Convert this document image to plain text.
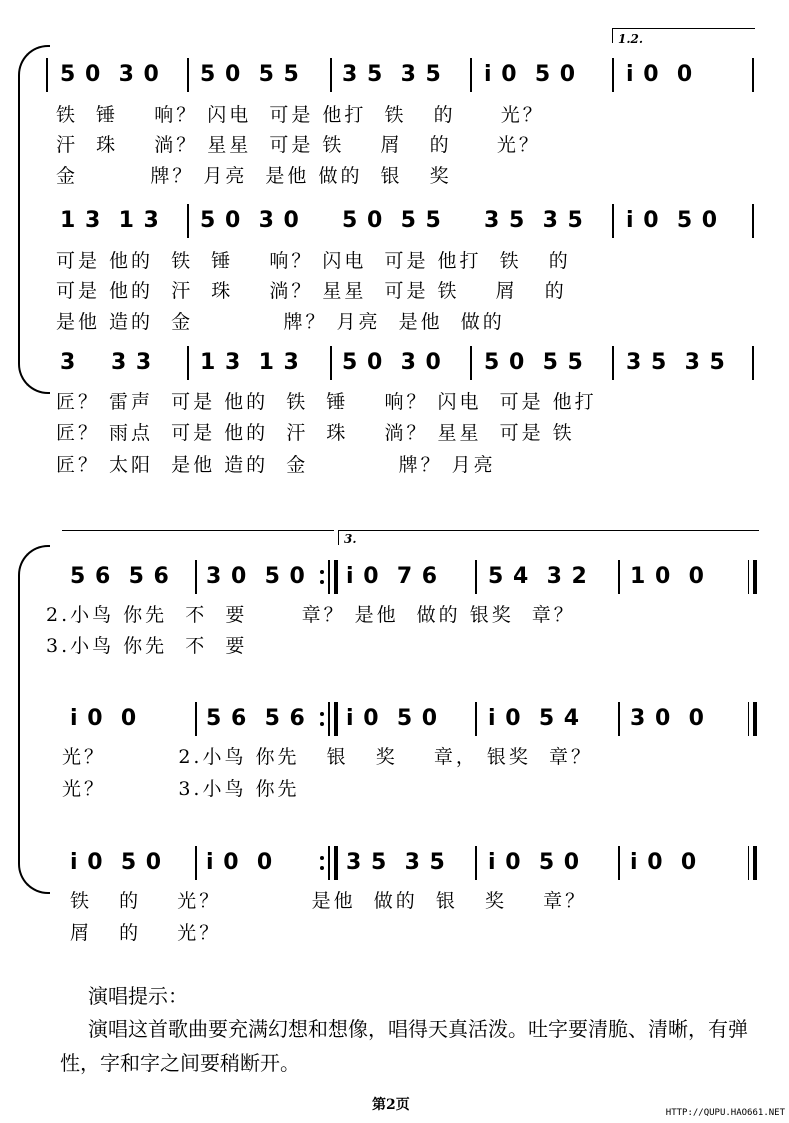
1.2.
5 0  3 0 5 0  5 5 3 5  3 5 i 0  5 0 i 0  0
铁  锤    响？ 闪电  可是 他打  铁   的     光？
汗  珠    淌？ 星星  可是 铁    屑   的     光？
金        牌？ 月亮  是他 做的  银   奖
1 3  1 3 5 0  3 0 5 0  5 5 3 5  3 5 i 0  5 0
可是 他的  铁  锤    响？ 闪电  可是 他打  铁   的
可是 他的  汗  珠    淌？ 星星  可是 铁    屑   的
是他 造的  金          牌？ 月亮  是他  做的
3    3 3 1 3  1 3 5 0  3 0 5 0  5 5 3 5  3 5
匠？ 雷声  可是 他的  铁  锤    响？ 闪电  可是 他打
匠？ 雨点  可是 他的  汗  珠    淌？ 星星  可是 铁
匠？ 太阳  是他 造的  金          牌？ 月亮
3.
5 6  5 6 3 0  5 0 i 0  7 6 5 4  3 2 1 0  0
2.小鸟 你先  不  要      章？ 是他  做的 银奖  章？
3.小鸟 你先  不  要
i 0  0	5 6  5 6 i 0  5 0 i 0  5 4 3 0  0
光？        2.小鸟 你先   银   奖    章， 银奖  章？
光？        3.小鸟 你先
i 0  5 0 i 0  0	3 5  3 5 i 0  5 0 i 0  0
铁   的    光？          是他  做的  银   奖    章？
屑   的    光？
演唱提示：
演唱这首歌曲要充满幻想和想像，唱得天真活泼。吐字要清脆、清晰，有弹性，字和字之间要稍断开。
第2页	HTTP://QUPU.HAO661.NET
